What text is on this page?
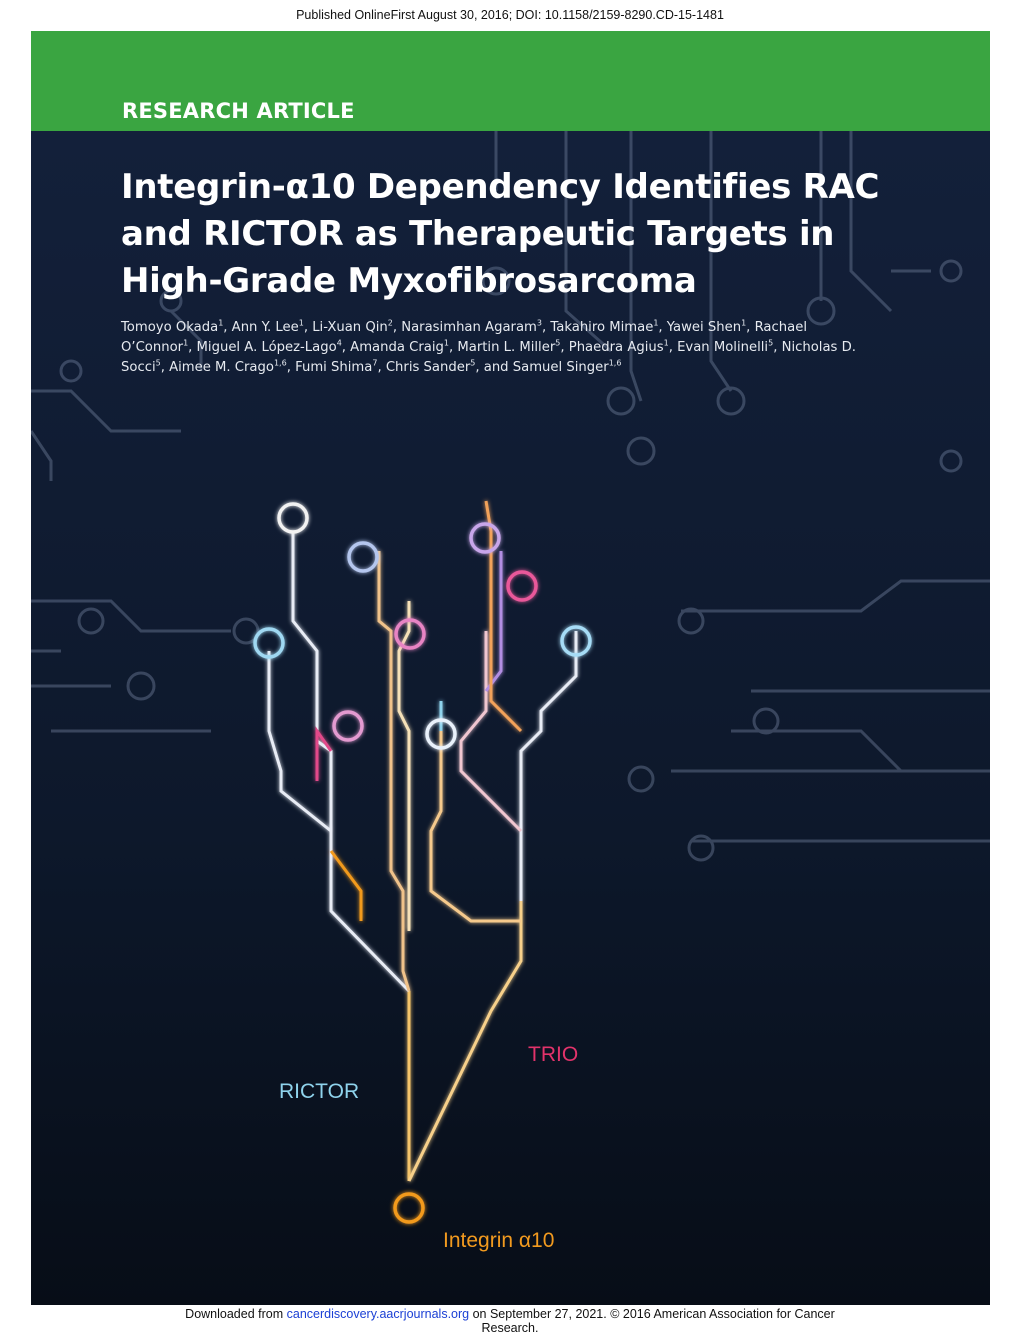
Published OnlineFirst August 30, 2016; DOI: 10.1158/2159-8290.CD-15-1481
RESEARCH ARTICLE
RICTOR
TRIO
Integrin α10
Integrin-α10 Dependency Identifies RAC and RICTOR as Therapeutic Targets in High-Grade Myxofibrosarcoma

Tomoyo Okada$^1$, Ann Y. Lee$^1$, Li-Xuan Qin$^2$, Narasimhan Agaram$^3$, Takahiro Mimae$^1$, Yawei Shen$^1$, Rachael O’Connor$^1$, Miguel A. López-Lago$^4$, Amanda Craig$^1$, Martin L. Miller$^5$, Phaedra Agius$^1$, Evan Molinelli$^5$, Nicholas D. Socci$^5$, Aimee M. Crago$^{1,6}$, Fumi Shima$^7$, Chris Sander$^5$, and Samuel Singer$^{1,6}$

Downloaded from cancerdiscovery.aacrjournals.org on September 27, 2021. © 2016 American Association for Cancer
Research.
